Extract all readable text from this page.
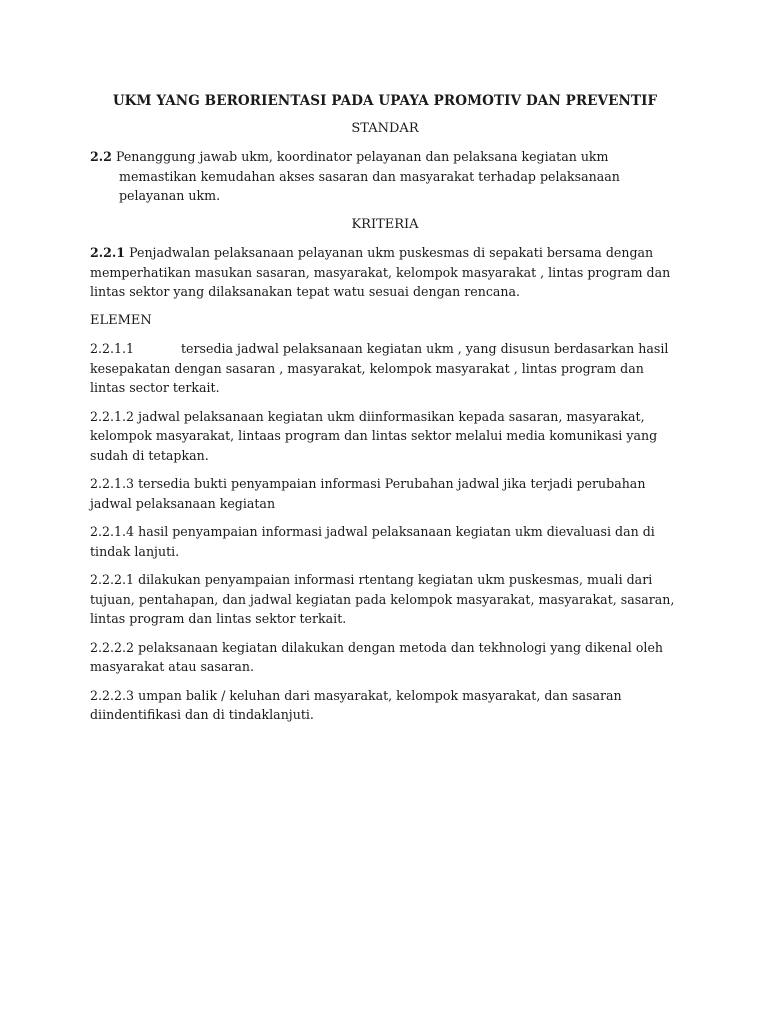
UKM YANG BERORIENTASI PADA UPAYA PROMOTIV DAN PREVENTIF
STANDAR

2.2 Penanggung jawab ukm, koordinator pelayanan dan pelaksana kegiatan ukm memastikan kemudahan akses sasaran dan masyarakat terhadap pelaksanaan pelayanan ukm.

KRITERIA

2.2.1 Penjadwalan pelaksanaan pelayanan ukm puskesmas di sepakati bersama dengan memperhatikan masukan sasaran, masyarakat, kelompok masyarakat , lintas program dan lintas sektor yang dilaksanakan tepat watu sesuai dengan rencana.

ELEMEN

2.2.1.1	tersedia jadwal pelaksanaan kegiatan ukm , yang disusun berdasarkan hasil kesepakatan dengan sasaran , masyarakat, kelompok masyarakat , lintas program dan lintas sector terkait.

2.2.1.2 jadwal pelaksanaan kegiatan ukm diinformasikan kepada sasaran, masyarakat, kelompok masyarakat, lintaas program dan lintas sektor melalui media komunikasi yang sudah di tetapkan.

2.2.1.3 tersedia bukti penyampaian informasi Perubahan jadwal jika terjadi perubahan jadwal pelaksanaan kegiatan

2.2.1.4 hasil penyampaian informasi jadwal pelaksanaan kegiatan ukm dievaluasi dan di tindak lanjuti.

2.2.2.1 dilakukan penyampaian informasi rtentang kegiatan ukm puskesmas, muali dari tujuan, pentahapan, dan jadwal kegiatan pada kelompok masyarakat, masyarakat, sasaran, lintas program dan lintas sektor terkait.

2.2.2.2 pelaksanaan kegiatan dilakukan dengan metoda dan tekhnologi yang dikenal oleh masyarakat atau sasaran.

2.2.2.3 umpan balik / keluhan dari masyarakat, kelompok masyarakat, dan sasaran diindentifikasi dan di tindaklanjuti.
